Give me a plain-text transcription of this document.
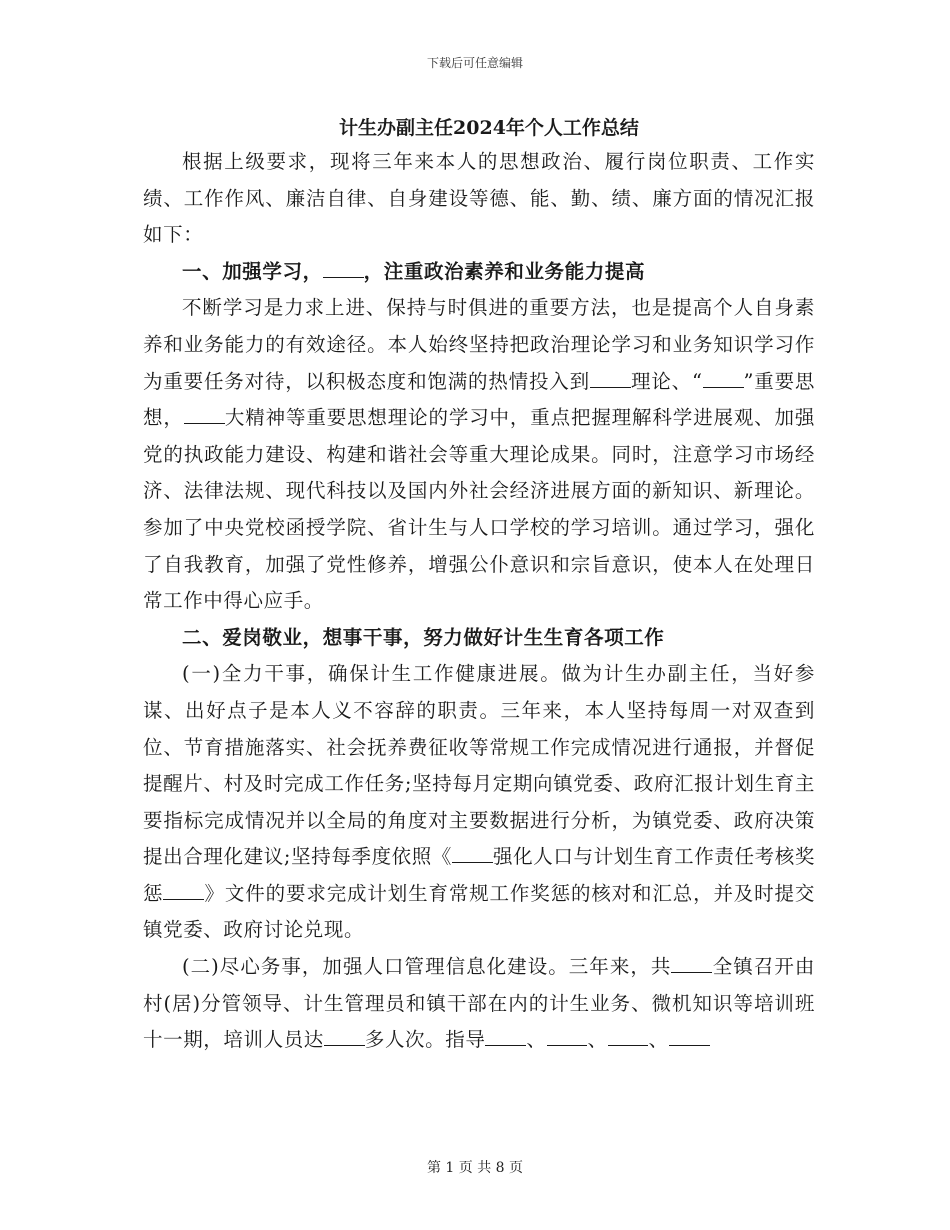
下载后可任意编辑
计生办副主任2024年个人工作总结

根据上级要求，现将三年来本人的思想政治、履行岗位职责、工作实绩、工作作风、廉洁自律、自身建设等德、能、勤、绩、廉方面的情况汇报如下：

一、加强学习， ，注重政治素养和业务能力提高

不断学习是力求上进、保持与时俱进的重要方法，也是提高个人自身素养和业务能力的有效途径。本人始终坚持把政治理论学习和业务知识学习作为重要任务对待，以积极态度和饱满的热情投入到 理论、“ ”重要思想， 大精神等重要思想理论的学习中，重点把握理解科学进展观、加强党的执政能力建设、构建和谐社会等重大理论成果。同时，注意学习市场经济、法律法规、现代科技以及国内外社会经济进展方面的新知识、新理论。参加了中央党校函授学院、省计生与人口学校的学习培训。通过学习，强化了自我教育，加强了党性修养，增强公仆意识和宗旨意识，使本人在处理日常工作中得心应手。

二、爱岗敬业，想事干事，努力做好计生生育各项工作

(一)全力干事，确保计生工作健康进展。做为计生办副主任，当好参谋、出好点子是本人义不容辞的职责。三年来，本人坚持每周一对双查到位、节育措施落实、社会抚养费征收等常规工作完成情况进行通报，并督促提醒片、村及时完成工作任务;坚持每月定期向镇党委、政府汇报计划生育主要指标完成情况并以全局的角度对主要数据进行分析，为镇党委、政府决策提出合理化建议;坚持每季度依照《 强化人口与计划生育工作责任考核奖惩 》文件的要求完成计划生育常规工作奖惩的核对和汇总，并及时提交镇党委、政府讨论兑现。

(二)尽心务事，加强人口管理信息化建设。三年来，共 全镇召开由村(居)分管领导、计生管理员和镇干部在内的计生业务、微机知识等培训班十一期，培训人员达 多人次。指导 、 、 、

第 1 页 共 8 页
